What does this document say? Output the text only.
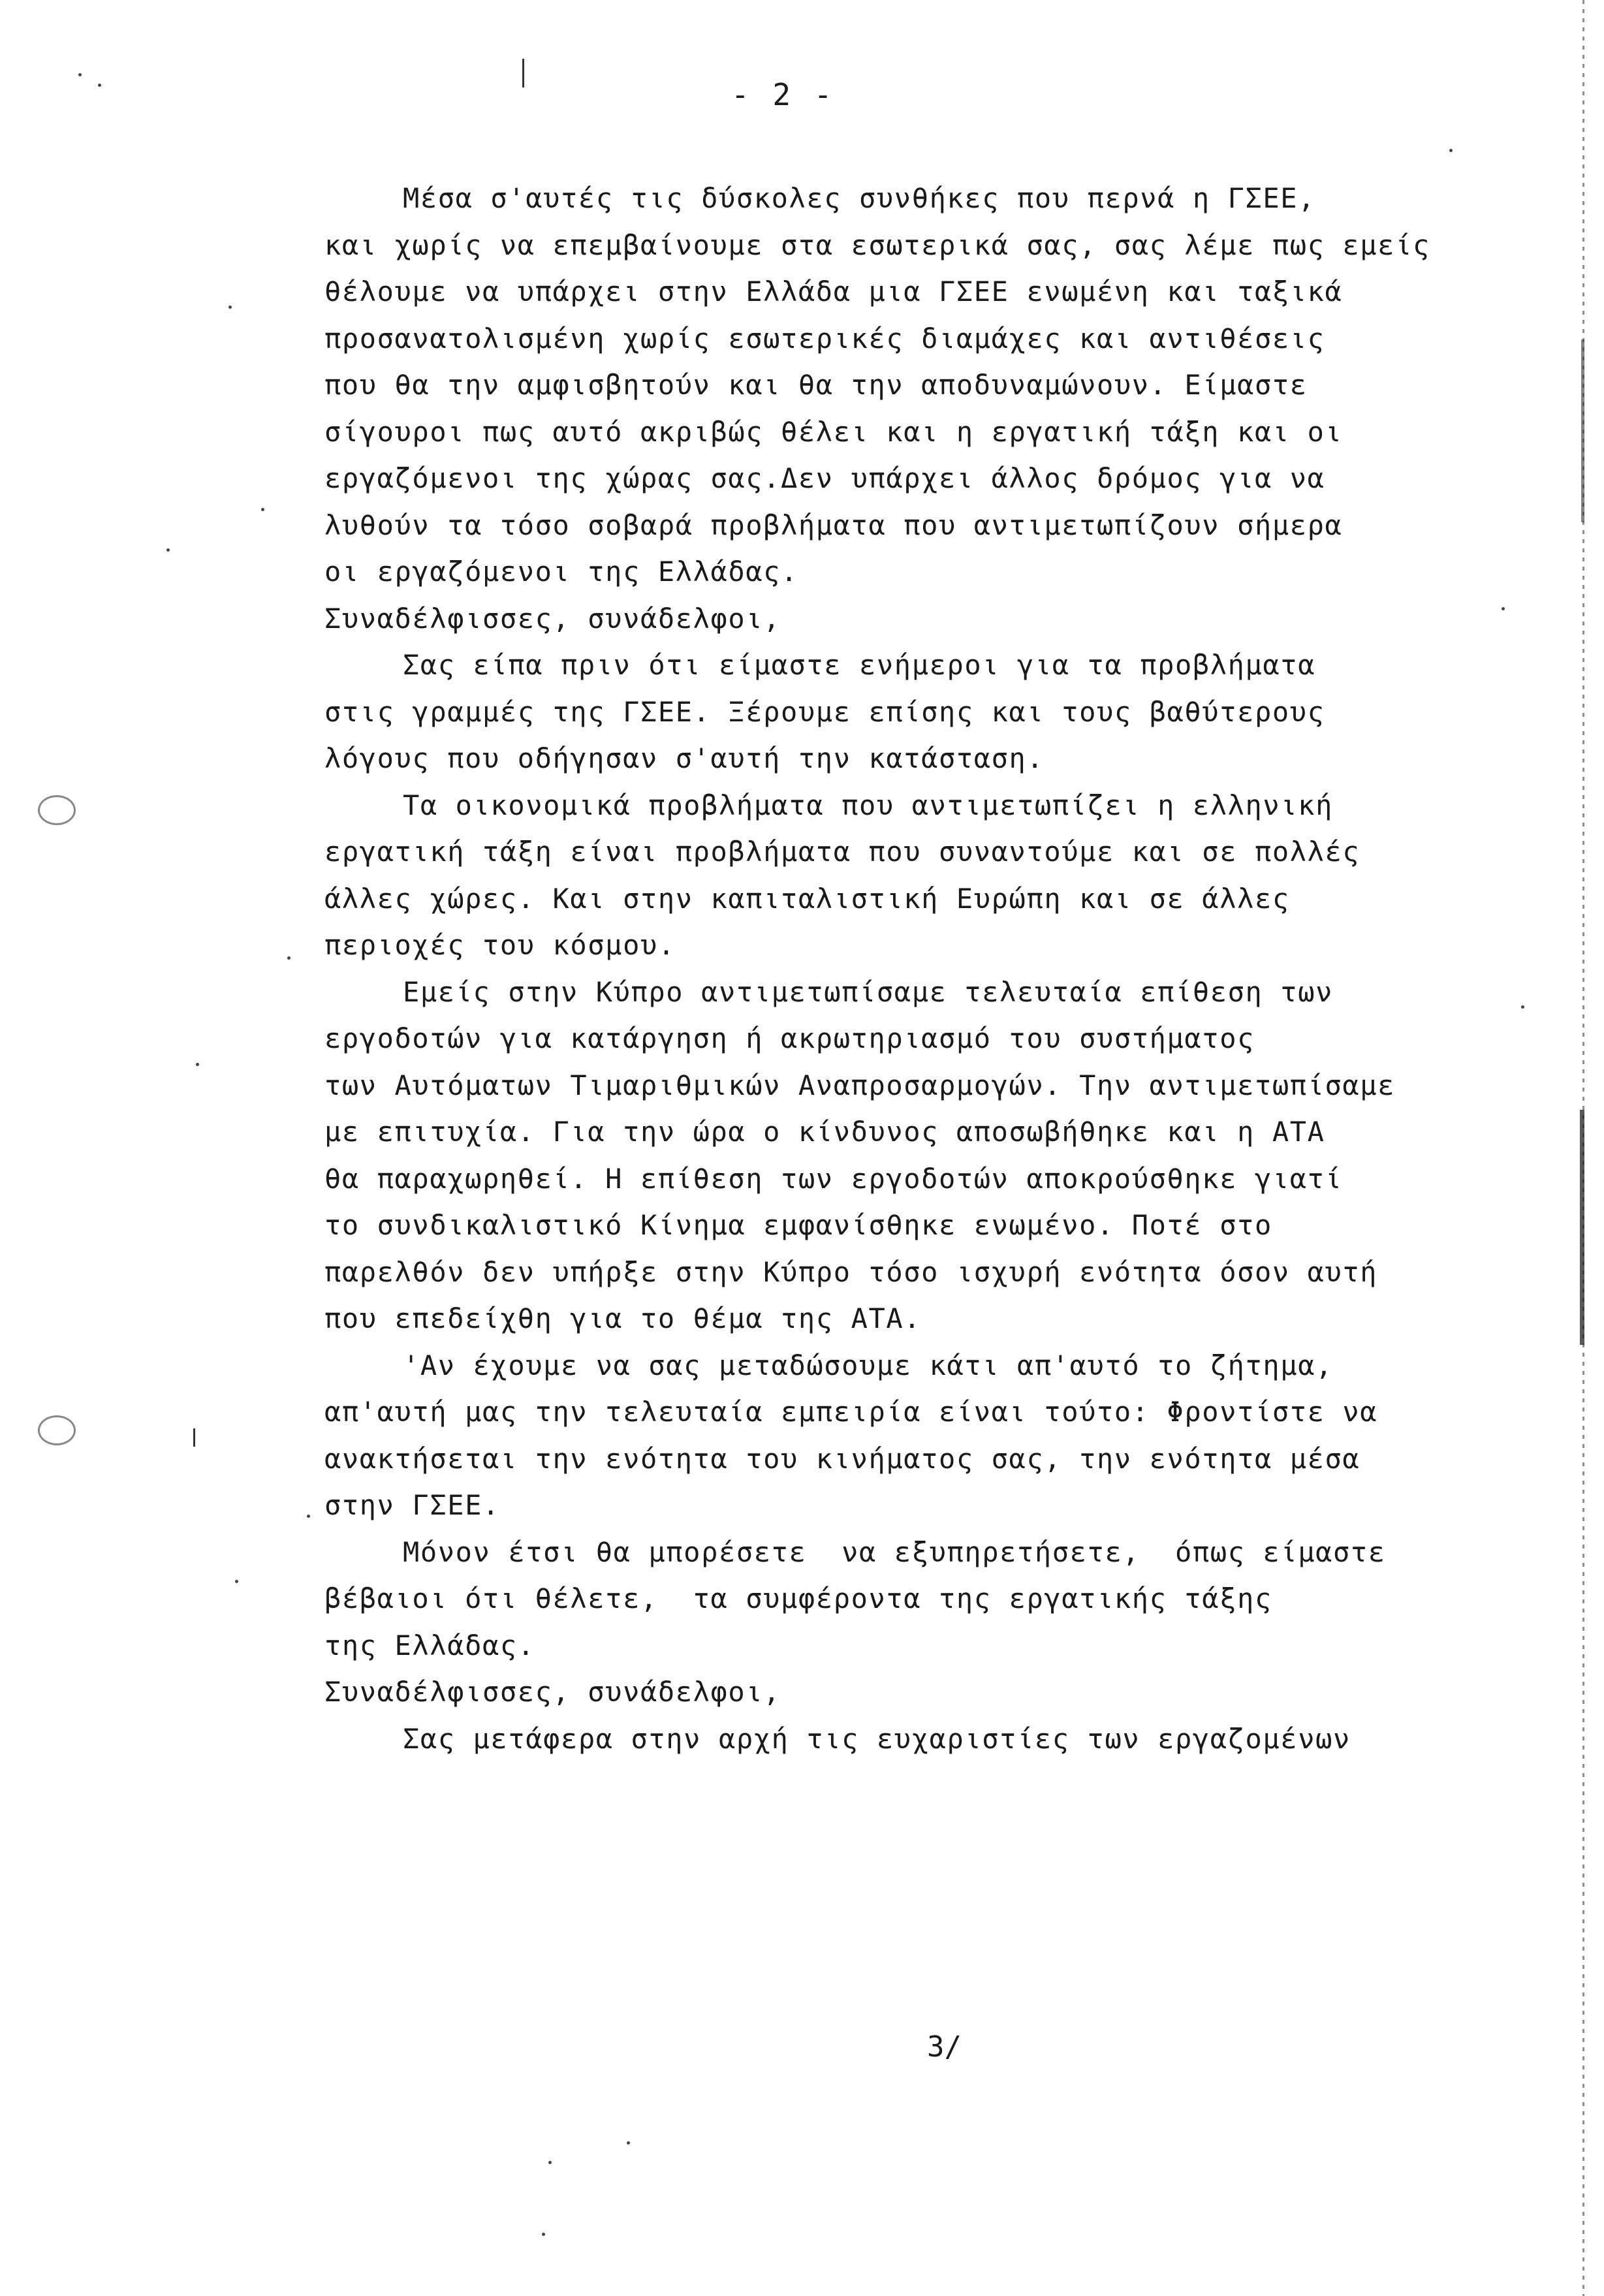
- 2 -

Μέσα σ'αυτές τις δύσκολες συνθήκες που περνά η ΓΣΕΕ,
και χωρίς να επεμβαίνουμε στα εσωτερικά σας, σας λέμε πως εμείς
θέλουμε να υπάρχει στην Ελλάδα μια ΓΣΕΕ ενωμένη και ταξικά
προσανατολισμένη χωρίς εσωτερικές διαμάχες και αντιθέσεις
που θα την αμφισβητούν και θα την αποδυναμώνουν. Είμαστε
σίγουροι πως αυτό ακριβώς θέλει και η εργατική τάξη και οι
εργαζόμενοι της χώρας σας.Δεν υπάρχει άλλος δρόμος για να
λυθούν τα τόσο σοβαρά προβλήματα που αντιμετωπίζουν σήμερα
οι εργαζόμενοι της Ελλάδας.

Συναδέλφισσες, συνάδελφοι,

Σας είπα πριν ότι είμαστε ενήμεροι για τα προβλήματα
στις γραμμές της ΓΣΕΕ. Ξέρουμε επίσης και τους βαθύτερους
λόγους που οδήγησαν σ'αυτή την κατάσταση.

Τα οικονομικά προβλήματα που αντιμετωπίζει η ελληνική
εργατική τάξη είναι προβλήματα που συναντούμε και σε πολλές
άλλες χώρες. Και στην καπιταλιστική Ευρώπη και σε άλλες
περιοχές του κόσμου.

Εμείς στην Κύπρο αντιμετωπίσαμε τελευταία επίθεση των
εργοδοτών για κατάργηση ή ακρωτηριασμό του συστήματος
των Αυτόματων Τιμαριθμικών Αναπροσαρμογών. Την αντιμετωπίσαμε
με επιτυχία. Για την ώρα ο κίνδυνος αποσωβήθηκε και η ΑΤΑ
θα παραχωρηθεί. Η επίθεση των εργοδοτών αποκρούσθηκε γιατί
το συνδικαλιστικό Κίνημα εμφανίσθηκε ενωμένο. Ποτέ στο
παρελθόν δεν υπήρξε στην Κύπρο τόσο ισχυρή ενότητα όσον αυτή
που επεδείχθη για το θέμα της ΑΤΑ.

'Αν έχουμε να σας μεταδώσουμε κάτι απ'αυτό το ζήτημα,
απ'αυτή μας την τελευταία εμπειρία είναι τούτο: Φροντίστε να
ανακτήσεται την ενότητα του κινήματος σας, την ενότητα μέσα
στην ΓΣΕΕ.

Μόνον έτσι θα μπορέσετε  να εξυπηρετήσετε,  όπως είμαστε
βέβαιοι ότι θέλετε,  τα συμφέροντα της εργατικής τάξης
της Ελλάδας.

Συναδέλφισσες, συνάδελφοι,

Σας μετάφερα στην αρχή τις ευχαριστίες των εργαζομένων

3/
